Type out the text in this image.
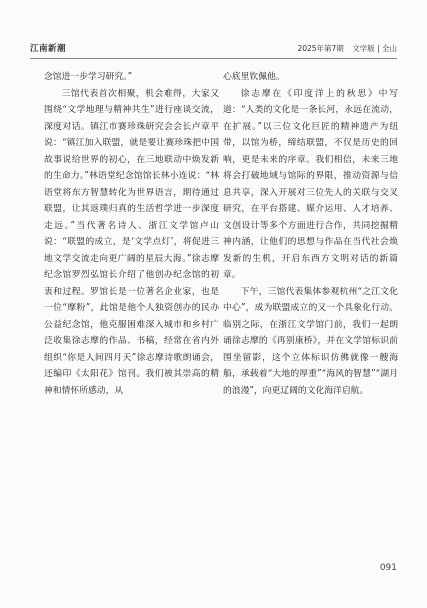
江南新潮	2025年第7期 文学版 | 全山

念馆进一步学习研究。”

三馆代表首次相聚，机会难得，大家又围绕“文学地理与精神共生”进行座谈交流，深度对话。镇江市赛珍珠研究会会长卢章平说：“镇江加入联盟，就是要让赛珍珠把中国故事说给世界的初心，在三地联动中焕发新的生命力。”林语堂纪念馆馆长林小连说：“林语堂将东方智慧转化为世界语言，期待通过联盟，让其返璞归真的生活哲学进一步深度走远。”当代著名诗人、浙江文学馆卢山说：“联盟的成立，是‘文学点灯’，将促进三地文学交流走向更广阔的星辰大海。”徐志摩纪念馆罗烈弘馆长介绍了他创办纪念馆的初衷和过程。罗馆长是一位著名企业家，也是一位“摩粉”，此馆是他个人独资创办的民办公益纪念馆，他克服困难深入城市和乡村广泛收集徐志摩的作品、书稿，经常在省内外组织“你是人间四月天”徐志摩诗歌朗诵会，还编印《太阳花》馆刊。我们被其崇高的精神和情怀所感动，从

心底里钦佩他。

徐志摩在《印度洋上的秋思》中写道：“人类的文化是一条长河，永远在流动，在扩展。”以三位文化巨匠的精神遗产为纽带，以馆为桥，缔结联盟，不仅是历史的回响，更是未来的序章。我们相信，未来三地将会打破地域与馆际的界限，推动资源与信息共享，深入开展对三位先人的关联与交叉研究，在平台搭建、媒介运用、人才培养、文创设计等多个方面进行合作，共同挖掘精神内涵，让他们的思想与作品在当代社会焕发新的生机，开启东西方文明对话的新篇章。

下午，三馆代表集体参观杭州“之江文化中心”，成为联盟成立的又一个具象化行动。临别之际，在浙江文学馆门前，我们一起朗诵徐志摩的《再别康桥》，并在文学馆标识前围坐留影，这个立体标识仿佛就像一艘海船，承载着“大地的厚重”“海风的智慧”“湖月的浪漫”，向更辽阔的文化海洋启航。

091
